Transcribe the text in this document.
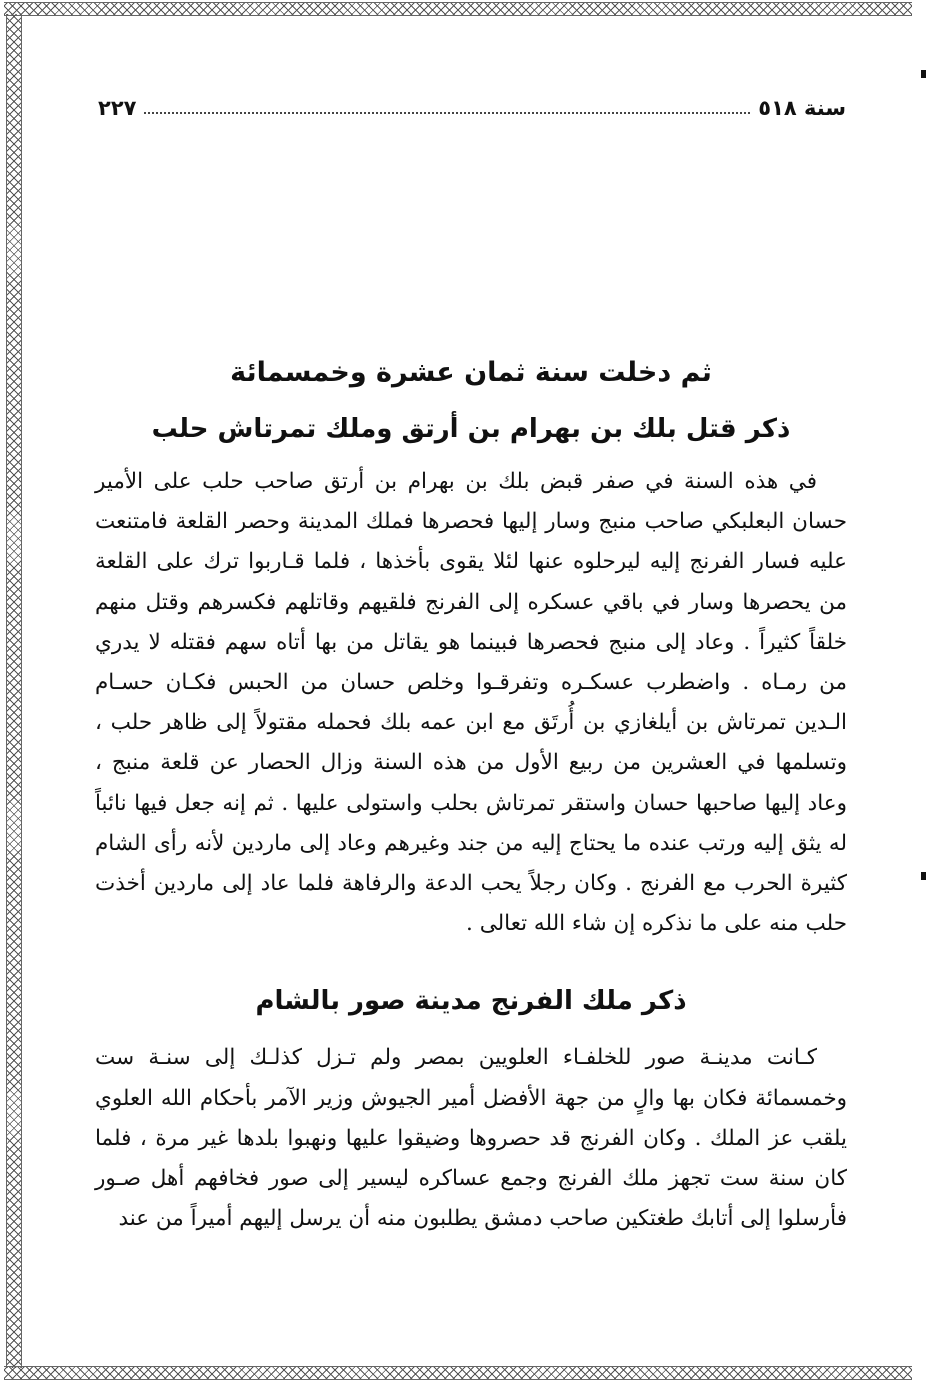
سنة ٥١٨
٢٢٧
ثم دخلت سنة ثمان عشرة وخمسمائة
ذكر قتل بلك بن بهرام بن أرتق وملك تمرتاش حلب

في هذه السنة في صفر قبض بلك بن بهرام بن أرتق صاحب حلب على الأمير حسان البعلبكي صاحب منبج وسار إليها فحصرها فملك المدينة وحصر القلعة فامتنعت عليه فسار الفرنج إليه ليرحلوه عنها لئلا يقوى بأخذها ، فلما قـاربوا ترك على القلعة من يحصرها وسار في باقي عسكره إلى الفرنج فلقيهم وقاتلهم فكسرهم وقتل منهم خلقاً كثيراً . وعاد إلى منبج فحصرها فبينما هو يقاتل من بها أتاه سهم فقتله لا يدري من رمـاه . واضطرب عسكـره وتفرقـوا وخلص حسان من الحبس فكـان حسـام الـدين تمرتاش بن أيلغازي بن أُرتَق مع ابن عمه بلك فحمله مقتولاً إلى ظاهر حلب ، وتسلمها في العشرين من ربيع الأول من هذه السنة وزال الحصار عن قلعة منبج ، وعاد إليها صاحبها حسان واستقر تمرتاش بحلب واستولى عليها . ثم إنه جعل فيها نائباً له يثق إليه ورتب عنده ما يحتاج إليه من جند وغيرهم وعاد إلى ماردين لأنه رأى الشام كثيرة الحرب مع الفرنج . وكان رجلاً يحب الدعة والرفاهة فلما عاد إلى ماردين أخذت حلب منه على ما نذكره إن شاء الله تعالى .

ذكر ملك الفرنج مدينة صور بالشام

كـانت مدينـة صور للخلفـاء العلويين بمصر ولم تـزل كذلـك إلى سنـة ست وخمسمائة فكان بها والٍ من جهة الأفضل أمير الجيوش وزير الآمر بأحكام الله العلوي يلقب عز الملك . وكان الفرنج قد حصروها وضيقوا عليها ونهبوا بلدها غير مرة ، فلما كان سنة ست تجهز ملك الفرنج وجمع عساكره ليسير إلى صور فخافهم أهل صـور فأرسلوا إلى أتابك طغتكين صاحب دمشق يطلبون منه أن يرسل إليهم أميراً من عند
